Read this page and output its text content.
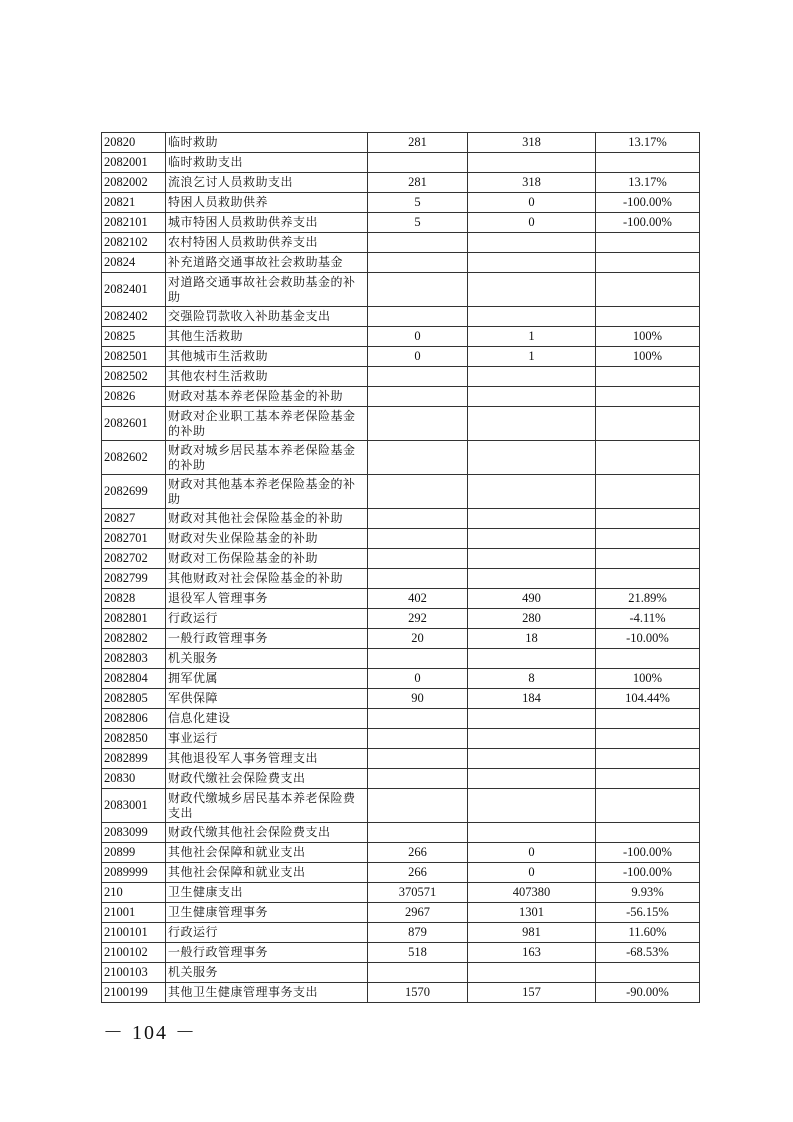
20820	临时救助	281	318	13.17%
2082001	临时救助支出			
2082002	流浪乞讨人员救助支出	281	318	13.17%
20821	特困人员救助供养	5	0	-100.00%
2082101	城市特困人员救助供养支出	5	0	-100.00%
2082102	农村特困人员救助供养支出			
20824	补充道路交通事故社会救助基金			
2082401	对道路交通事故社会救助基金的补助			
2082402	交强险罚款收入补助基金支出			
20825	其他生活救助	0	1	100%
2082501	其他城市生活救助	0	1	100%
2082502	其他农村生活救助			
20826	财政对基本养老保险基金的补助			
2082601	财政对企业职工基本养老保险基金的补助			
2082602	财政对城乡居民基本养老保险基金的补助			
2082699	财政对其他基本养老保险基金的补助			
20827	财政对其他社会保险基金的补助			
2082701	财政对失业保险基金的补助			
2082702	财政对工伤保险基金的补助			
2082799	其他财政对社会保险基金的补助			
20828	退役军人管理事务	402	490	21.89%
2082801	行政运行	292	280	-4.11%
2082802	一般行政管理事务	20	18	-10.00%
2082803	机关服务			
2082804	拥军优属	0	8	100%
2082805	军供保障	90	184	104.44%
2082806	信息化建设			
2082850	事业运行			
2082899	其他退役军人事务管理支出			
20830	财政代缴社会保险费支出			
2083001	财政代缴城乡居民基本养老保险费支出			
2083099	财政代缴其他社会保险费支出			
20899	其他社会保障和就业支出	266	0	-100.00%
2089999	其他社会保障和就业支出	266	0	-100.00%
210	卫生健康支出	370571	407380	9.93%
21001	卫生健康管理事务	2967	1301	-56.15%
2100101	行政运行	879	981	11.60%
2100102	一般行政管理事务	518	163	-68.53%
2100103	机关服务			
2100199	其他卫生健康管理事务支出	1570	157	-90.00%
－ 104 －
